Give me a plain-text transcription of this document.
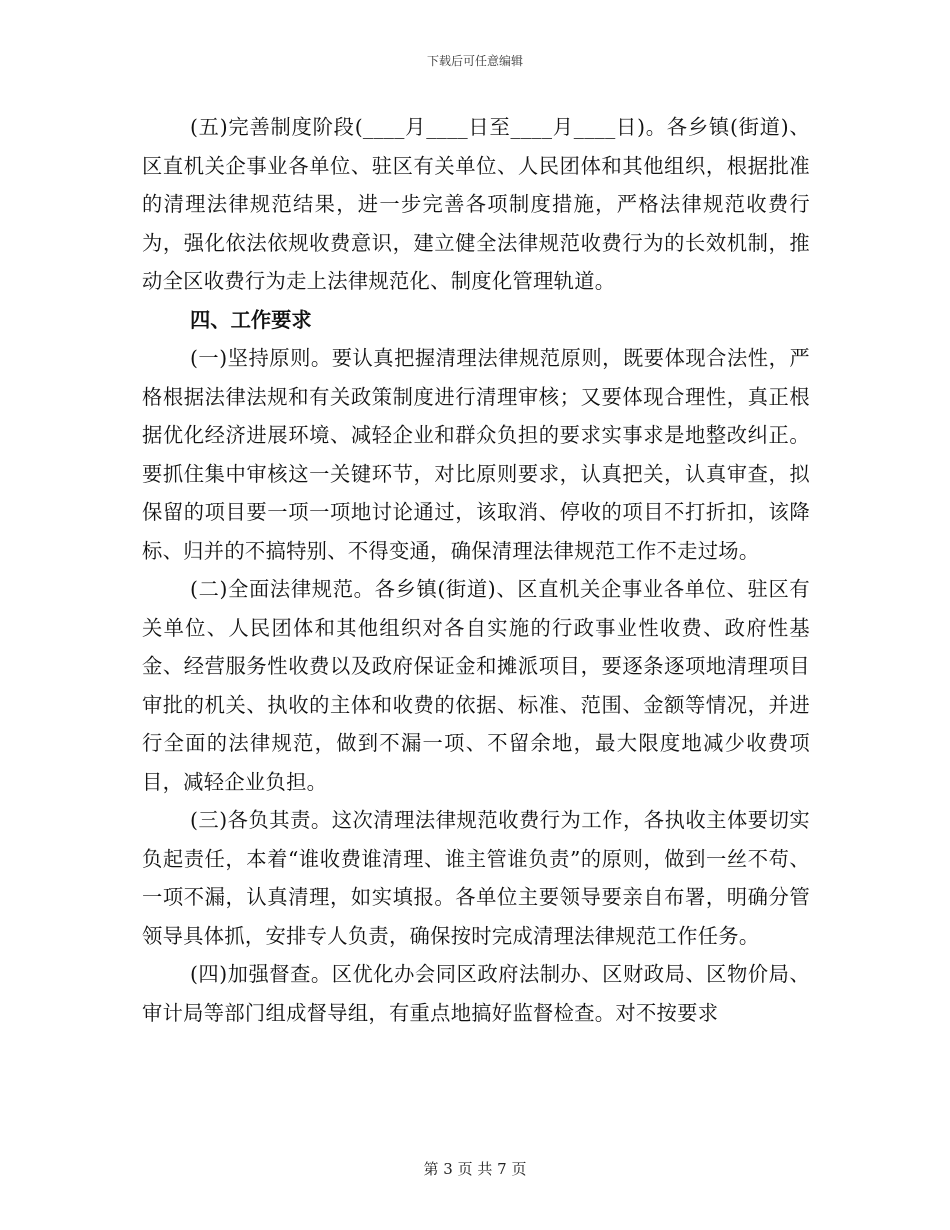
下载后可任意编辑

(五)完善制度阶段(____月____日至____月____日)。各乡镇(街道)、区直机关企事业各单位、驻区有关单位、人民团体和其他组织，根据批准的清理法律规范结果，进一步完善各项制度措施，严格法律规范收费行为，强化依法依规收费意识，建立健全法律规范收费行为的长效机制，推动全区收费行为走上法律规范化、制度化管理轨道。

四、工作要求

(一)坚持原则。要认真把握清理法律规范原则，既要体现合法性，严格根据法律法规和有关政策制度进行清理审核；又要体现合理性，真正根据优化经济进展环境、减轻企业和群众负担的要求实事求是地整改纠正。要抓住集中审核这一关键环节，对比原则要求，认真把关，认真审查，拟保留的项目要一项一项地讨论通过，该取消、停收的项目不打折扣，该降标、归并的不搞特别、不得变通，确保清理法律规范工作不走过场。

(二)全面法律规范。各乡镇(街道)、区直机关企事业各单位、驻区有关单位、人民团体和其他组织对各自实施的行政事业性收费、政府性基金、经营服务性收费以及政府保证金和摊派项目，要逐条逐项地清理项目审批的机关、执收的主体和收费的依据、标准、范围、金额等情况，并进行全面的法律规范，做到不漏一项、不留余地，最大限度地减少收费项目，减轻企业负担。

(三)各负其责。这次清理法律规范收费行为工作，各执收主体要切实负起责任，本着“谁收费谁清理、谁主管谁负责”的原则，做到一丝不苟、一项不漏，认真清理，如实填报。各单位主要领导要亲自布署，明确分管领导具体抓，安排专人负责，确保按时完成清理法律规范工作任务。

(四)加强督查。区优化办会同区政府法制办、区财政局、区物价局、审计局等部门组成督导组，有重点地搞好监督检查。对不按要求

第 3 页 共 7 页
